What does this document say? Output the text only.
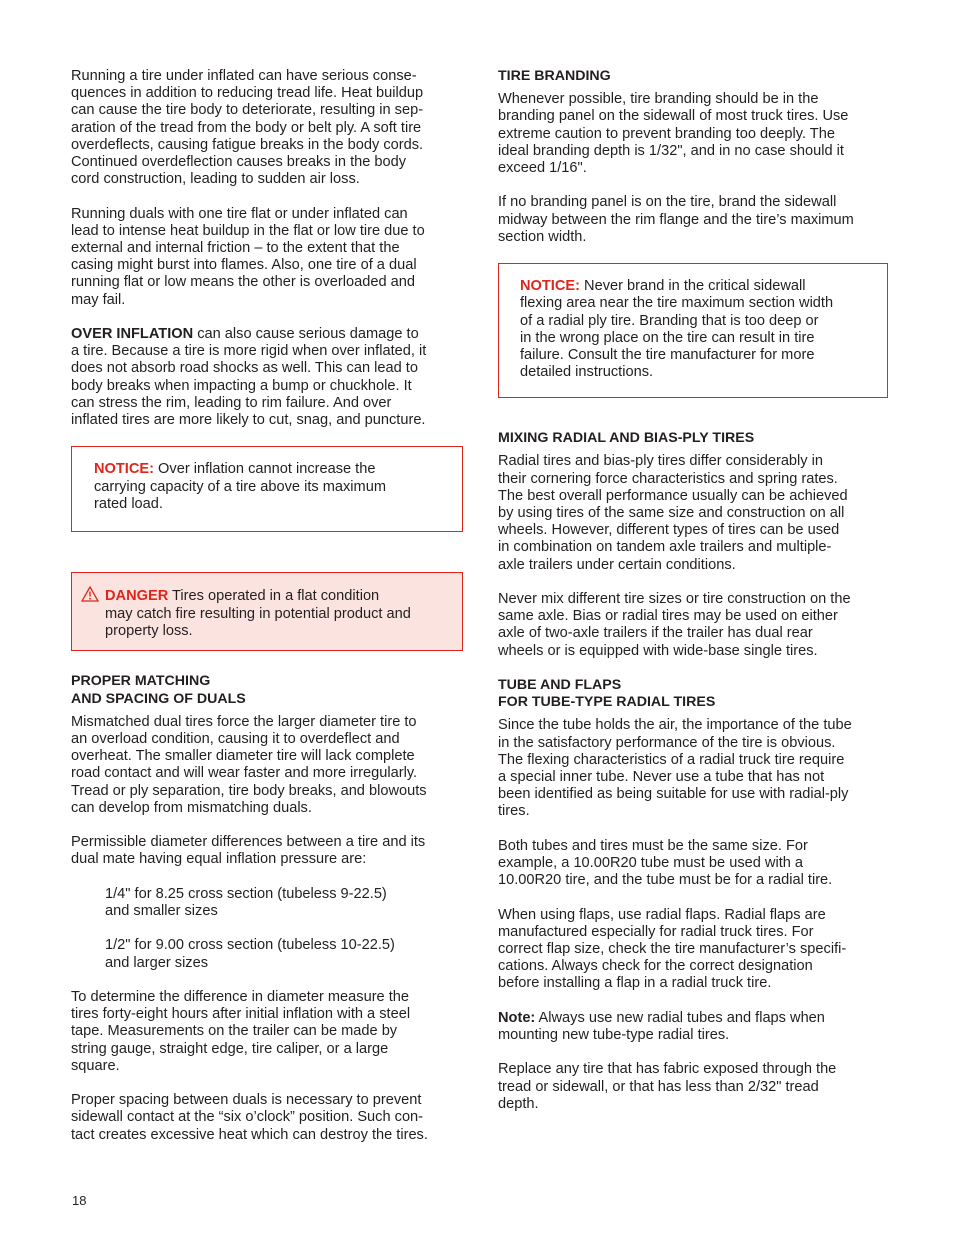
Running a tire under inflated can have serious conse-
quences in addition to reducing tread life. Heat buildup
can cause the tire body to deteriorate, resulting in sep-
aration of the tread from the body or belt ply. A soft tire
overdeflects, causing fatigue breaks in the body cords.
Continued overdeflection causes breaks in the body
cord construction, leading to sudden air loss.

Running duals with one tire flat or under inflated can
lead to intense heat buildup in the flat or low tire due to
external and internal friction – to the extent that the
casing might burst into flames. Also, one tire of a dual
running flat or low means the other is overloaded and
may fail.

OVER INFLATION can also cause serious damage to
a tire. Because a tire is more rigid when over inflated, it
does not absorb road shocks as well. This can lead to
body breaks when impacting a bump or chuckhole. It
can stress the rim, leading to rim failure. And over
inflated tires are more likely to cut, snag, and puncture.

NOTICE: Over inflation cannot increase the
carrying capacity of a tire above its maximum
rated load.
DANGER Tires operated in a flat condition
may catch fire resulting in potential product and
property loss.
PROPER MATCHING
AND SPACING OF DUALS

Mismatched dual tires force the larger diameter tire to
an overload condition, causing it to overdeflect and
overheat. The smaller diameter tire will lack complete
road contact and will wear faster and more irregularly.
Tread or ply separation, tire body breaks, and blowouts
can develop from mismatching duals.

Permissible diameter differences between a tire and its
dual mate having equal inflation pressure are:

1/4" for 8.25 cross section (tubeless 9-22.5)
and smaller sizes

1/2" for 9.00 cross section (tubeless 10-22.5)
and larger sizes

To determine the difference in diameter measure the
tires forty-eight hours after initial inflation with a steel
tape. Measurements on the trailer can be made by
string gauge, straight edge, tire caliper, or a large
square.

Proper spacing between duals is necessary to prevent
sidewall contact at the “six o’clock” position. Such con-
tact creates excessive heat which can destroy the tires.

TIRE BRANDING

Whenever possible, tire branding should be in the
branding panel on the sidewall of most truck tires. Use
extreme caution to prevent branding too deeply. The
ideal branding depth is 1/32", and in no case should it
exceed 1/16".

If no branding panel is on the tire, brand the sidewall
midway between the rim flange and the tire’s maximum
section width.

NOTICE: Never brand in the critical sidewall
flexing area near the tire maximum section width
of a radial ply tire. Branding that is too deep or
in the wrong place on the tire can result in tire
failure. Consult the tire manufacturer for more
detailed instructions.
MIXING RADIAL AND BIAS-PLY TIRES

Radial tires and bias-ply tires differ considerably in
their cornering force characteristics and spring rates.
The best overall performance usually can be achieved
by using tires of the same size and construction on all
wheels. However, different types of tires can be used
in combination on tandem axle trailers and multiple-
axle trailers under certain conditions.

Never mix different tire sizes or tire construction on the
same axle. Bias or radial tires may be used on either
axle of two-axle trailers if the trailer has dual rear
wheels or is equipped with wide-base single tires.

TUBE AND FLAPS
FOR TUBE-TYPE RADIAL TIRES

Since the tube holds the air, the importance of the tube
in the satisfactory performance of the tire is obvious.
The flexing characteristics of a radial truck tire require
a special inner tube. Never use a tube that has not
been identified as being suitable for use with radial-ply
tires.

Both tubes and tires must be the same size. For
example, a 10.00R20 tube must be used with a
10.00R20 tire, and the tube must be for a radial tire.

When using flaps, use radial flaps. Radial flaps are
manufactured especially for radial truck tires. For
correct flap size, check the tire manufacturer’s specifi-
cations. Always check for the correct designation
before installing a flap in a radial truck tire.

Note: Always use new radial tubes and flaps when
mounting new tube-type radial tires.

Replace any tire that has fabric exposed through the
tread or sidewall, or that has less than 2/32" tread
depth.

18
